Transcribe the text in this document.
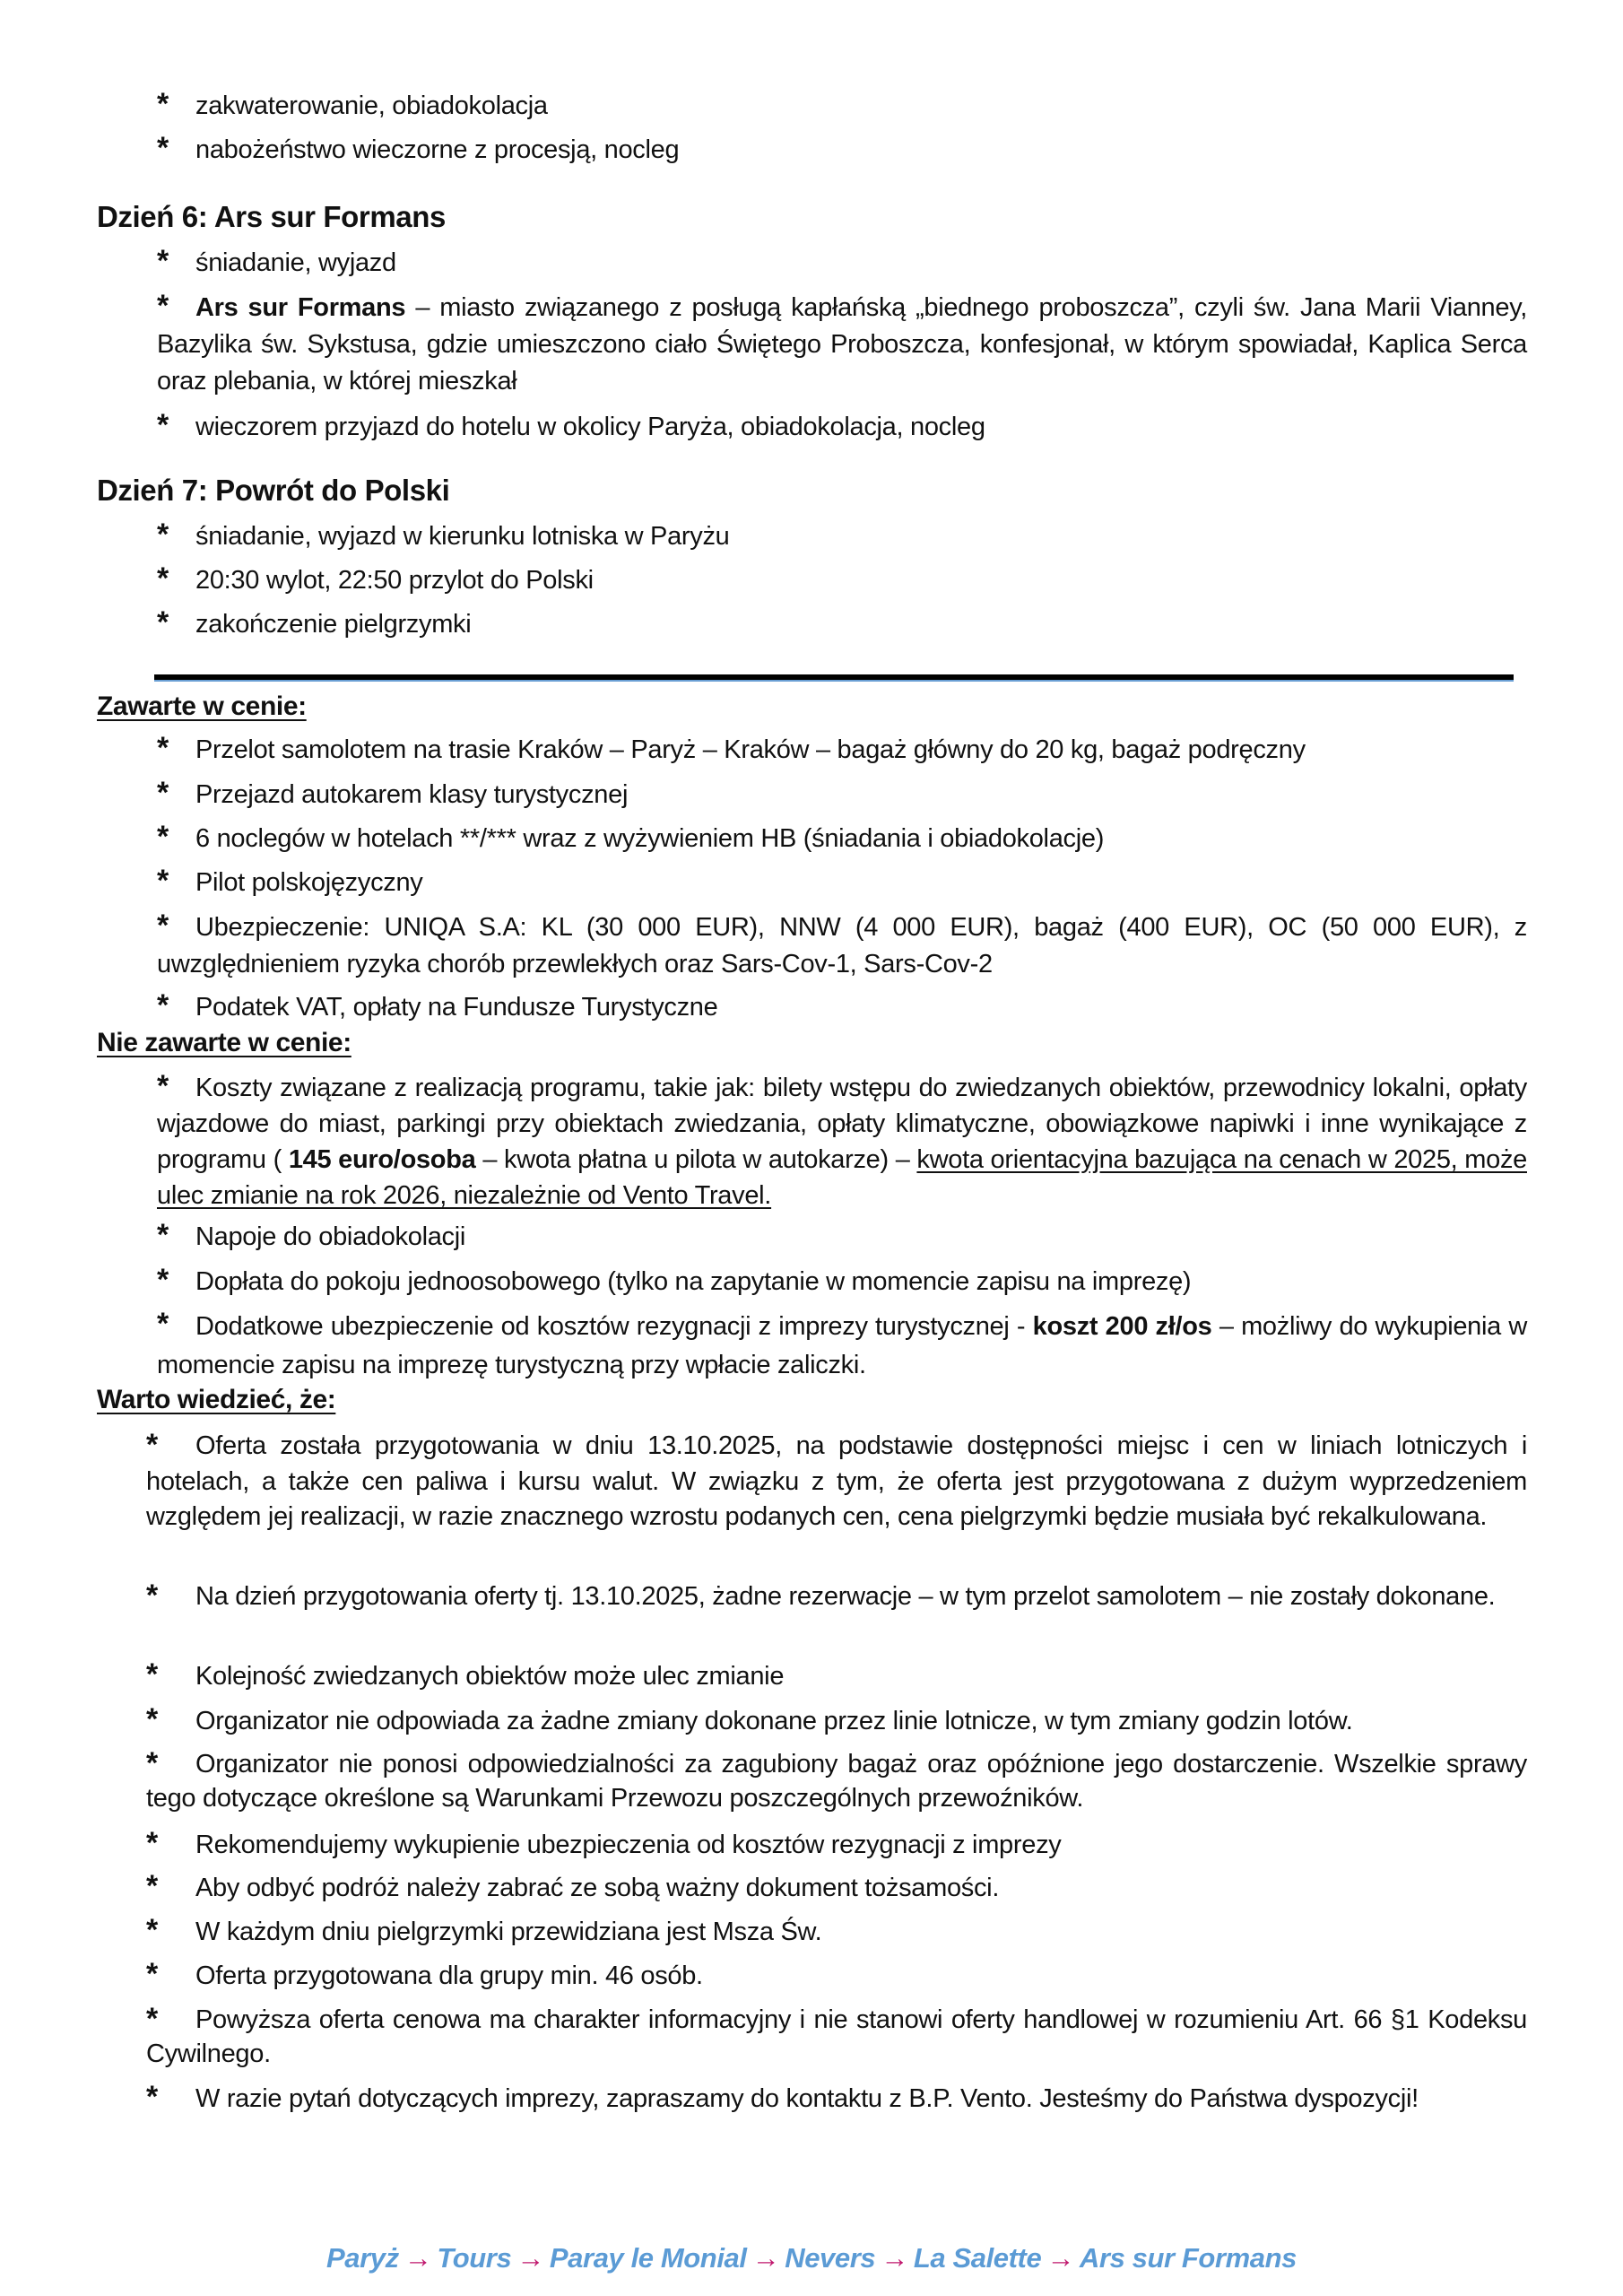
* zakwaterowanie, obiadokolacja
* nabożeństwo wieczorne z procesją, nocleg
Dzień 6: Ars sur Formans
* śniadanie, wyjazd
* Ars sur Formans – miasto związanego z posługą kapłańską „biednego proboszcza”, czyli św. Jana Marii Vianney, Bazylika św. Sykstusa, gdzie umieszczono ciało Świętego Proboszcza, konfesjonał, w którym spowiadał, Kaplica Serca oraz plebania, w której mieszkał
* wieczorem przyjazd do hotelu w okolicy Paryża, obiadokolacja, nocleg
Dzień 7: Powrót do Polski
* śniadanie, wyjazd w kierunku lotniska w Paryżu
* 20:30 wylot, 22:50 przylot do Polski
* zakończenie pielgrzymki
Zawarte w cenie:
* Przelot samolotem na trasie Kraków – Paryż – Kraków – bagaż główny do 20 kg, bagaż podręczny
* Przejazd autokarem klasy turystycznej
* 6 noclegów w hotelach **/*** wraz z wyżywieniem HB (śniadania i obiadokolacje)
* Pilot polskojęzyczny
* Ubezpieczenie: UNIQA S.A: KL (30 000 EUR), NNW (4 000 EUR), bagaż (400 EUR), OC (50 000 EUR), z uwzględnieniem ryzyka chorób przewlekłych oraz Sars-Cov-1, Sars-Cov-2
* Podatek VAT, opłaty na Fundusze Turystyczne
Nie zawarte w cenie:
* Koszty związane z realizacją programu, takie jak: bilety wstępu do zwiedzanych obiektów, przewodnicy lokalni, opłaty wjazdowe do miast, parkingi przy obiektach zwiedzania, opłaty klimatyczne, obowiązkowe napiwki i inne wynikające z programu ( 145 euro/osoba – kwota płatna u pilota w autokarze) – kwota orientacyjna bazująca na cenach w 2025, może ulec zmianie na rok 2026, niezależnie od Vento Travel.
* Napoje do obiadokolacji
* Dopłata do pokoju jednoosobowego (tylko na zapytanie w momencie zapisu na imprezę)
* Dodatkowe ubezpieczenie od kosztów rezygnacji z imprezy turystycznej - koszt 200 zł/os – możliwy do wykupienia w momencie zapisu na imprezę turystyczną przy wpłacie zaliczki.
Warto wiedzieć, że:
* Oferta została przygotowania w dniu 13.10.2025, na podstawie dostępności miejsc i cen w liniach lotniczych i hotelach, a także cen paliwa i kursu walut. W związku z tym, że oferta jest przygotowana z dużym wyprzedzeniem względem jej realizacji, w razie znacznego wzrostu podanych cen, cena pielgrzymki będzie musiała być rekalkulowana.
* Na dzień przygotowania oferty tj. 13.10.2025, żadne rezerwacje – w tym przelot samolotem – nie zostały dokonane.
* Kolejność zwiedzanych obiektów może ulec zmianie
* Organizator nie odpowiada za żadne zmiany dokonane przez linie lotnicze, w tym zmiany godzin lotów.
* Organizator nie ponosi odpowiedzialności za zagubiony bagaż oraz opóźnione jego dostarczenie. Wszelkie sprawy tego dotyczące określone są Warunkami Przewozu poszczególnych przewoźników.
* Rekomendujemy wykupienie ubezpieczenia od kosztów rezygnacji z imprezy
* Aby odbyć podróż należy zabrać ze sobą ważny dokument tożsamości.
* W każdym dniu pielgrzymki przewidziana jest Msza Św.
* Oferta przygotowana dla grupy min. 46 osób.
* Powyższa oferta cenowa ma charakter informacyjny i nie stanowi oferty handlowej w rozumieniu Art. 66 §1 Kodeksu Cywilnego.
* W razie pytań dotyczących imprezy, zapraszamy do kontaktu z B.P. Vento. Jesteśmy do Państwa dyspozycji!
Paryż → Tours → Paray le Monial → Nevers → La Salette → Ars sur Formans
